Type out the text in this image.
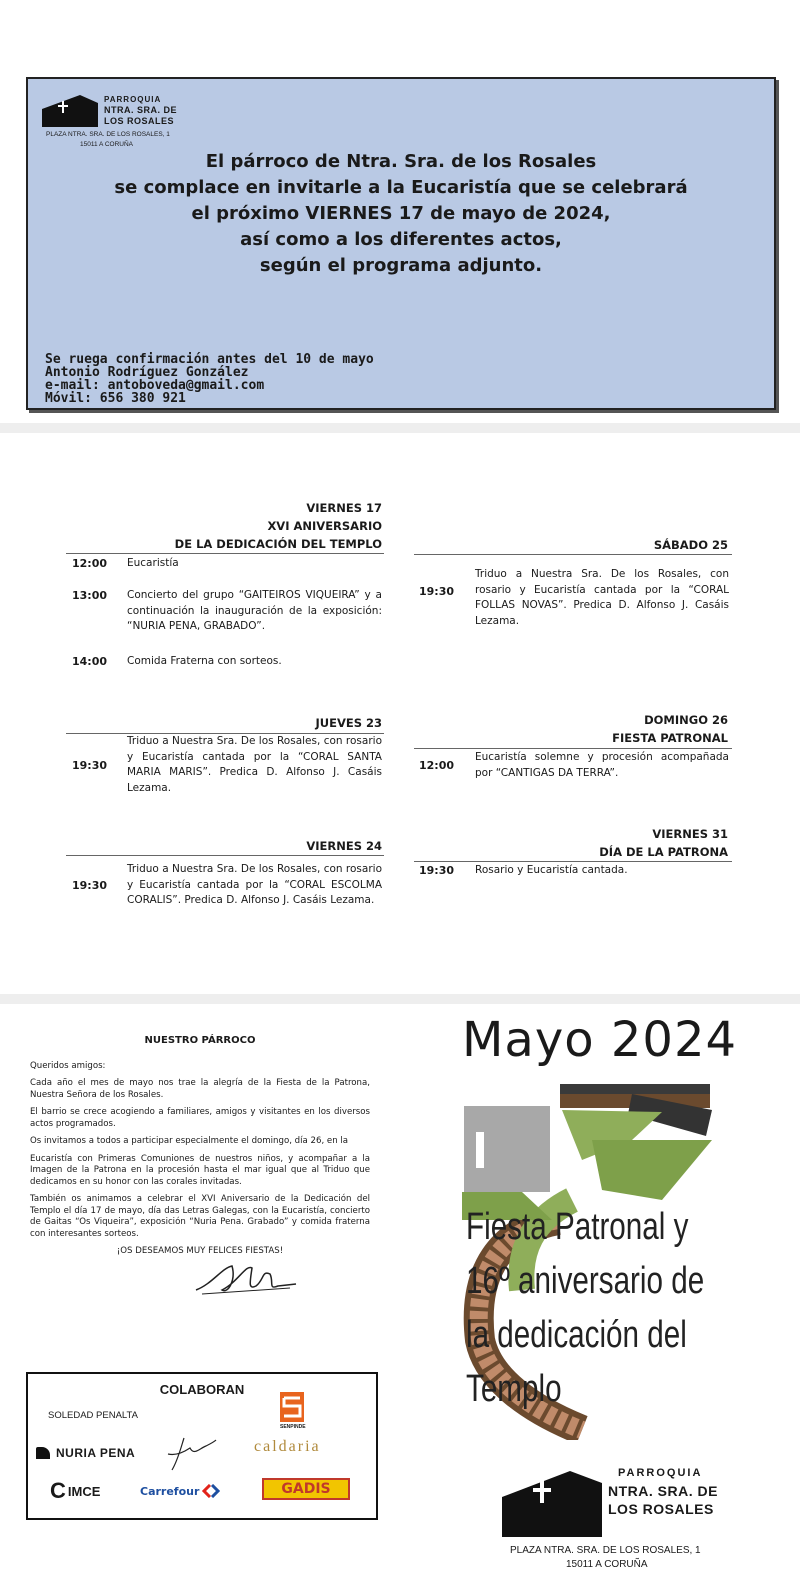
PARROQUIA
NTRA. SRA. DE
LOS ROSALES
PLAZA NTRA. SRA. DE LOS ROSALES, 1
15011 A CORUÑA
El párroco de Ntra. Sra. de los Rosales
se complace en invitarle a la Eucaristía que se celebrará
el próximo VIERNES 17 de mayo de 2024,
así como a los diferentes actos,
según el programa adjunto.
Se ruega confirmación antes del 10 de mayo
Antonio Rodríguez González
e-mail: antoboveda@gmail.com
Móvil: 656 380 921
VIERNES 17
XVI ANIVERSARIO
DE LA DEDICACIÓN DEL TEMPLO
12:00 Eucaristía
13:00 Concierto del grupo “GAITEIROS VIQUEIRA” y a continuación la inauguración de la exposición: “NURIA PENA, GRABADO”.
14:00 Comida Fraterna con sorteos.
JUEVES 23
19:30
Triduo a Nuestra Sra. De los Rosales, con rosario y Eucaristía cantada por la “CORAL SANTA MARIA MARIS”. Predica D. Alfonso J. Casáis Lezama.
VIERNES 24
19:30
Triduo a Nuestra Sra. De los Rosales, con rosario y Eucaristía cantada por la “CORAL ESCOLMA CORALIS”. Predica D. Alfonso J. Casáis Lezama.
SÁBADO 25
19:30
Triduo a Nuestra Sra. De los Rosales, con rosario y Eucaristía cantada por la “CORAL FOLLAS NOVAS”. Predica D. Alfonso J. Casáis Lezama.
DOMINGO 26
FIESTA PATRONAL
12:00
Eucaristía solemne y procesión acompañada por “CANTIGAS DA TERRA”.
VIERNES 31
DÍA DE LA PATRONA
19:30 Rosario y Eucaristía cantada.
NUESTRO PÁRROCO

Queridos amigos:

Cada año el mes de mayo nos trae la alegría de la Fiesta de la Patrona, Nuestra Señora de los Rosales.

El barrio se crece acogiendo a familiares, amigos y visitantes en los diversos actos programados.

Os invitamos a todos a participar especialmente el domingo, día 26, en la

Eucaristía con Primeras Comuniones de nuestros niños, y acompañar a la Imagen de la Patrona en la procesión hasta el mar igual que al Triduo que dedicamos en su honor con las corales invitadas.

También os animamos a celebrar el XVI Aniversario de la Dedicación del Templo el día 17 de mayo, día das Letras Galegas, con la Eucaristía, concierto de Gaitas “Os Viqueira”, exposición “Nuria Pena. Grabado” y comida fraterna con interesantes sorteos.

¡OS DESEAMOS MUY FELICES FIESTAS!
COLABORAN
SOLEDAD PENALTA
SENPINDE
NURIA PENA	caldaria
C IMCE	Carrefour	GADIS
Mayo 2024
Fiesta Patronal y
16º aniversario de
la dedicación del
Templo
PARROQUIA
NTRA. SRA. DE
LOS ROSALES
PLAZA NTRA. SRA. DE LOS ROSALES, 1
15011 A CORUÑA
